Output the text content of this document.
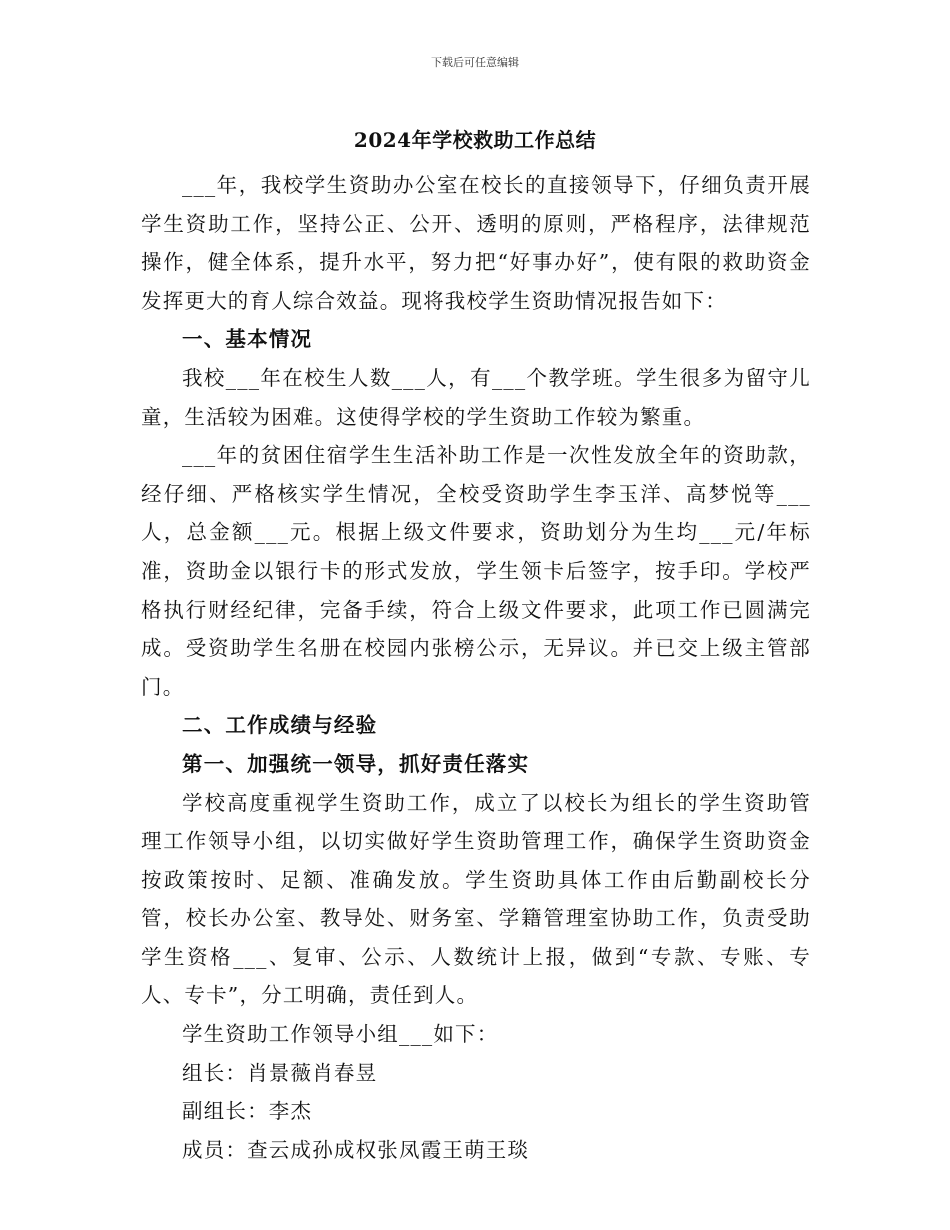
下载后可任意编辑
2024年学校救助工作总结

___年，我校学生资助办公室在校长的直接领导下，仔细负责开展学生资助工作，坚持公正、公开、透明的原则，严格程序，法律规范操作，健全体系，提升水平，努力把“好事办好”，使有限的救助资金发挥更大的育人综合效益。现将我校学生资助情况报告如下：

一、基本情况

我校___年在校生人数___人，有___个教学班。学生很多为留守儿童，生活较为困难。这使得学校的学生资助工作较为繁重。

___年的贫困住宿学生生活补助工作是一次性发放全年的资助款，经仔细、严格核实学生情况，全校受资助学生李玉洋、高梦悦等___人，总金额___元。根据上级文件要求，资助划分为生均___元/年标准，资助金以银行卡的形式发放，学生领卡后签字，按手印。学校严格执行财经纪律，完备手续，符合上级文件要求，此项工作已圆满完成。受资助学生名册在校园内张榜公示，无异议。并已交上级主管部门。

二、工作成绩与经验

第一、加强统一领导，抓好责任落实

学校高度重视学生资助工作，成立了以校长为组长的学生资助管理工作领导小组，以切实做好学生资助管理工作，确保学生资助资金按政策按时、足额、准确发放。学生资助具体工作由后勤副校长分管，校长办公室、教导处、财务室、学籍管理室协助工作，负责受助学生资格___、复审、公示、人数统计上报，做到“专款、专账、专人、专卡”，分工明确，责任到人。

学生资助工作领导小组___如下：

组长：肖景薇肖春昱

副组长：李杰

成员：查云成孙成权张凤霞王萌王琰
